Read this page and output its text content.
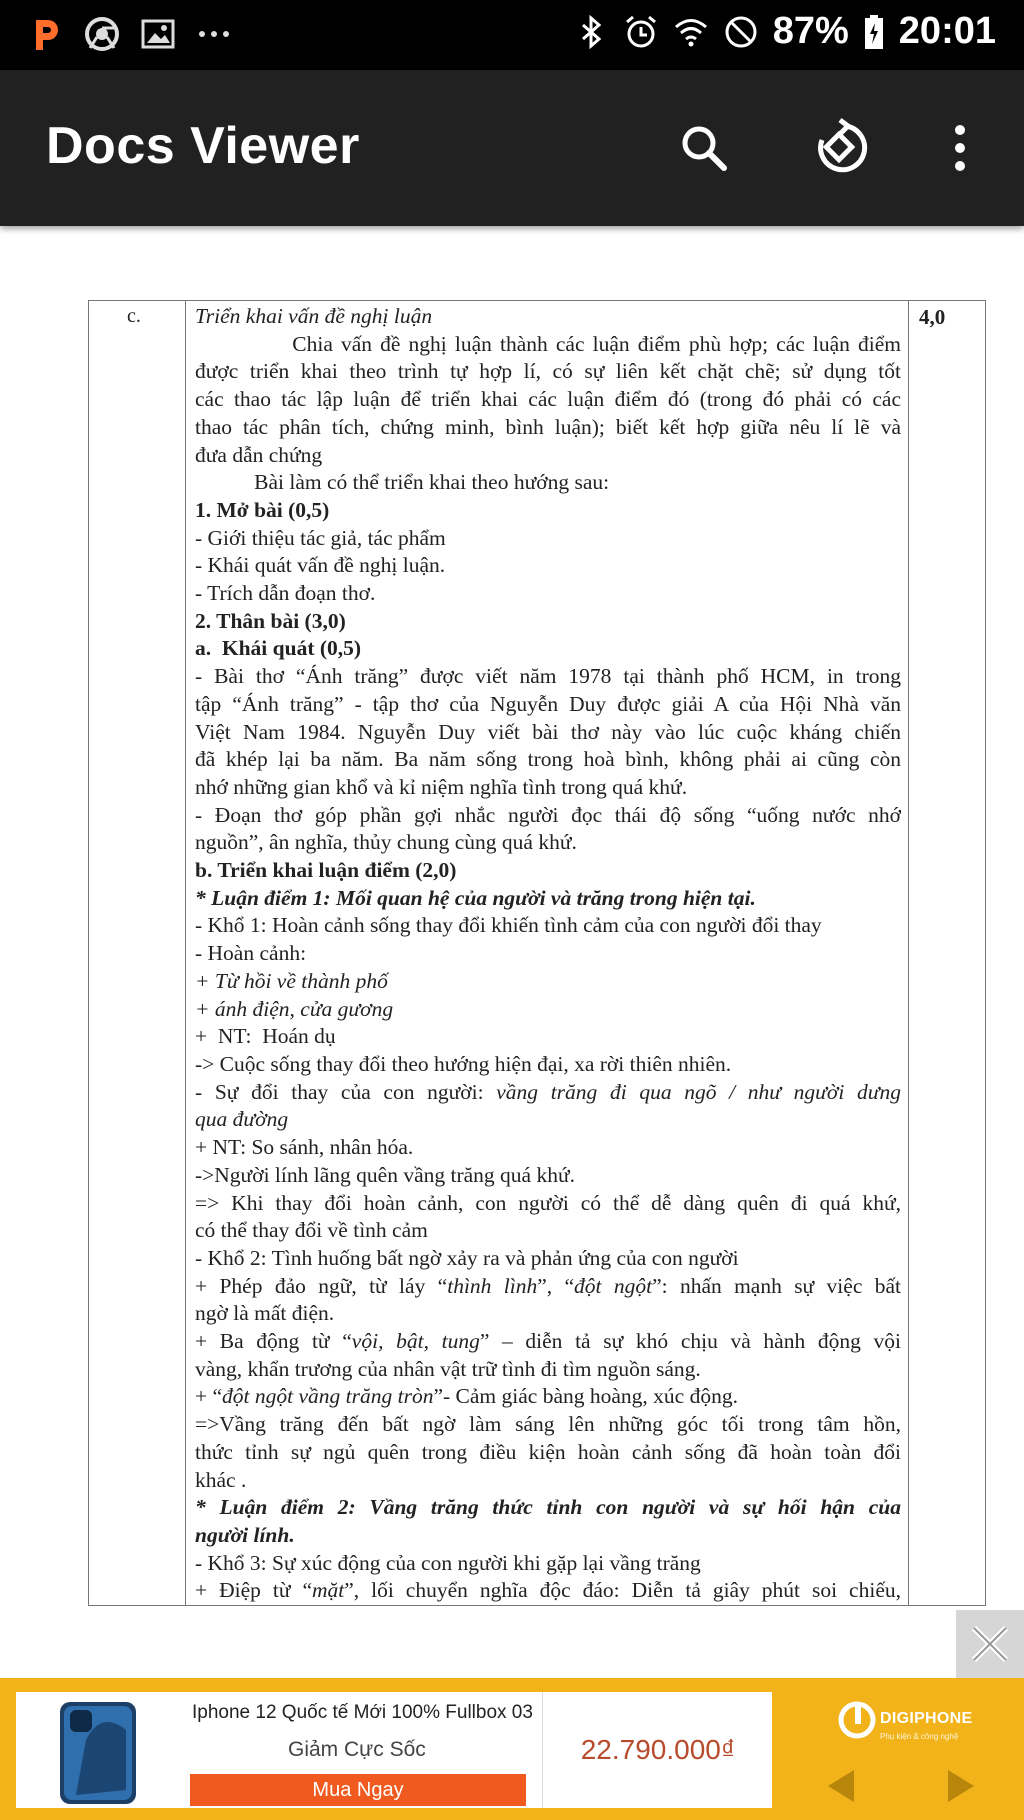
87% 20:01
Docs Viewer
c.	4,0

Triển khai vấn đề nghị luận

Chia vấn đề nghị luận thành các luận điểm phù hợp; các luận điểm

được triển khai theo trình tự hợp lí, có sự liên kết chặt chẽ; sử dụng tốt

các thao tác lập luận để triển khai các luận điểm đó (trong đó phải có các

thao tác phân tích, chứng minh, bình luận); biết kết hợp giữa nêu lí lẽ và

đưa dẫn chứng

Bài làm có thể triển khai theo hướng sau:

1. Mở bài (0,5)

- Giới thiệu tác giả, tác phẩm

- Khái quát vấn đề nghị luận.

- Trích dẫn đoạn thơ.

2. Thân bài (3,0)

a.  Khái quát (0,5)

- Bài thơ “Ánh trăng” được viết năm 1978 tại thành phố HCM, in trong

tập “Ánh trăng” - tập thơ của Nguyễn Duy được giải A của Hội Nhà văn

Việt Nam 1984. Nguyễn Duy viết bài thơ này vào lúc cuộc kháng chiến

đã khép lại ba năm. Ba năm sống trong hoà bình, không phải ai cũng còn

nhớ những gian khổ và kỉ niệm nghĩa tình trong quá khứ.

- Đoạn thơ góp phần gợi nhắc người đọc thái độ sống “uống nước nhớ

nguồn”, ân nghĩa, thủy chung cùng quá khứ.

b. Triển khai luận điểm (2,0)

* Luận điểm 1: Mối quan hệ của người và trăng trong hiện tại.

- Khổ 1: Hoàn cảnh sống thay đổi khiến tình cảm của con người đổi thay

- Hoàn cảnh:

+ Từ hồi về thành phố

+ ánh điện, cửa gương

+  NT:  Hoán dụ

-> Cuộc sống thay đổi theo hướng hiện đại, xa rời thiên nhiên.

- Sự đổi thay của con người: vầng trăng đi qua ngõ / như người dưng

qua đường

+ NT: So sánh, nhân hóa.

->Người lính lãng quên vầng trăng quá khứ.

=> Khi thay đổi hoàn cảnh, con người có thể dễ dàng quên đi quá khứ,

có thể thay đổi về tình cảm

- Khổ 2: Tình huống bất ngờ xảy ra và phản ứng của con người

+ Phép đảo ngữ, từ láy “thình lình”, “đột ngột”: nhấn mạnh sự việc bất

ngờ là mất điện.

+ Ba động từ “vội, bật, tung” – diễn tả sự khó chịu và hành động vội

vàng, khẩn trương của nhân vật trữ tình đi tìm nguồn sáng.

+ “đột ngột vầng trăng tròn”- Cảm giác bàng hoàng, xúc động.

=>Vầng trăng đến bất ngờ làm sáng lên những góc tối trong tâm hồn,

thức tỉnh sự ngủ quên trong điều kiện hoàn cảnh sống đã hoàn toàn đổi

khác .

* Luận điểm 2: Vầng trăng thức tỉnh con người và sự hối hận của

người lính.

- Khổ 3: Sự xúc động của con người khi gặp lại vầng trăng

+ Điệp từ “mặt”, lối chuyển nghĩa độc đáo: Diễn tả giây phút soi chiếu,

Iphone 12 Quốc tế Mới 100% Fullbox 03
Giảm Cực Sốc
Mua Ngay
22.790.000₫
DIGIPHONE
Phụ kiện & công nghệ
